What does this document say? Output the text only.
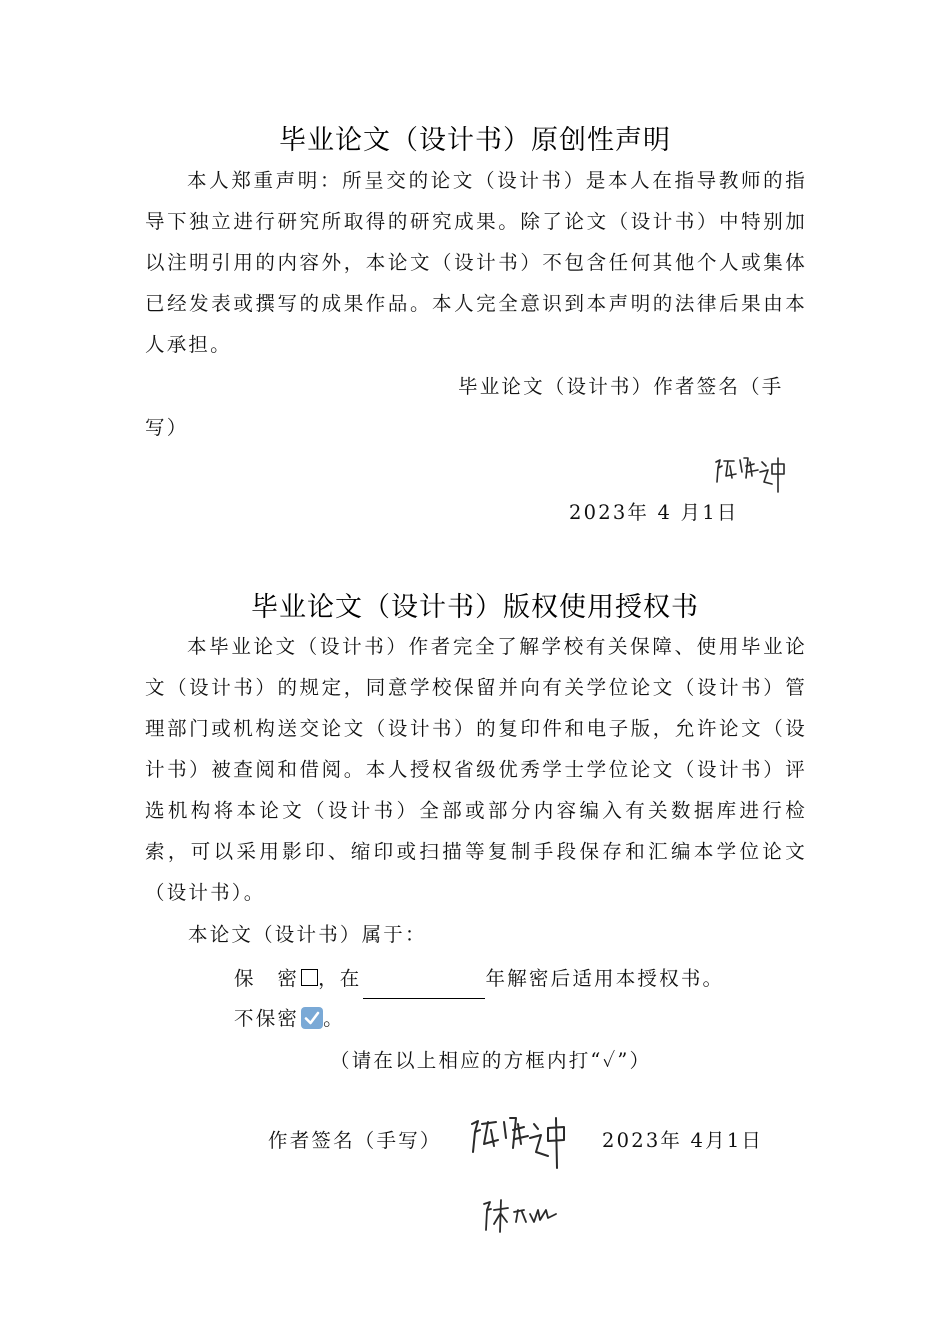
毕业论文（设计书）原创性声明

本人郑重声明：所呈交的论文（设计书）是本人在指导教师的指导下独立进行研究所取得的研究成果。除了论文（设计书）中特别加以注明引用的内容外，本论文（设计书）不包含任何其他个人或集体已经发表或撰写的成果作品。本人完全意识到本声明的法律后果由本人承担。

毕业论文（设计书）作者签名（手
写）
2023年 4 月1日
毕业论文（设计书）版权使用授权书

本毕业论文（设计书）作者完全了解学校有关保障、使用毕业论文（设计书）的规定，同意学校保留并向有关学位论文（设计书）管理部门或机构送交论文（设计书）的复印件和电子版，允许论文（设计书）被查阅和借阅。本人授权省级优秀学士学位论文（设计书）评选机构将本论文（设计书）全部或部分内容编入有关数据库进行检索，可以采用影印、缩印或扫描等复制手段保存和汇编本学位论文（设计书）。

本论文（设计书）属于：
保　密 ，在	年解密后适用本授权书。
不保密 。
（请在以上相应的方框内打“✓”）
作者签名（手写）	2023年 4月1日
